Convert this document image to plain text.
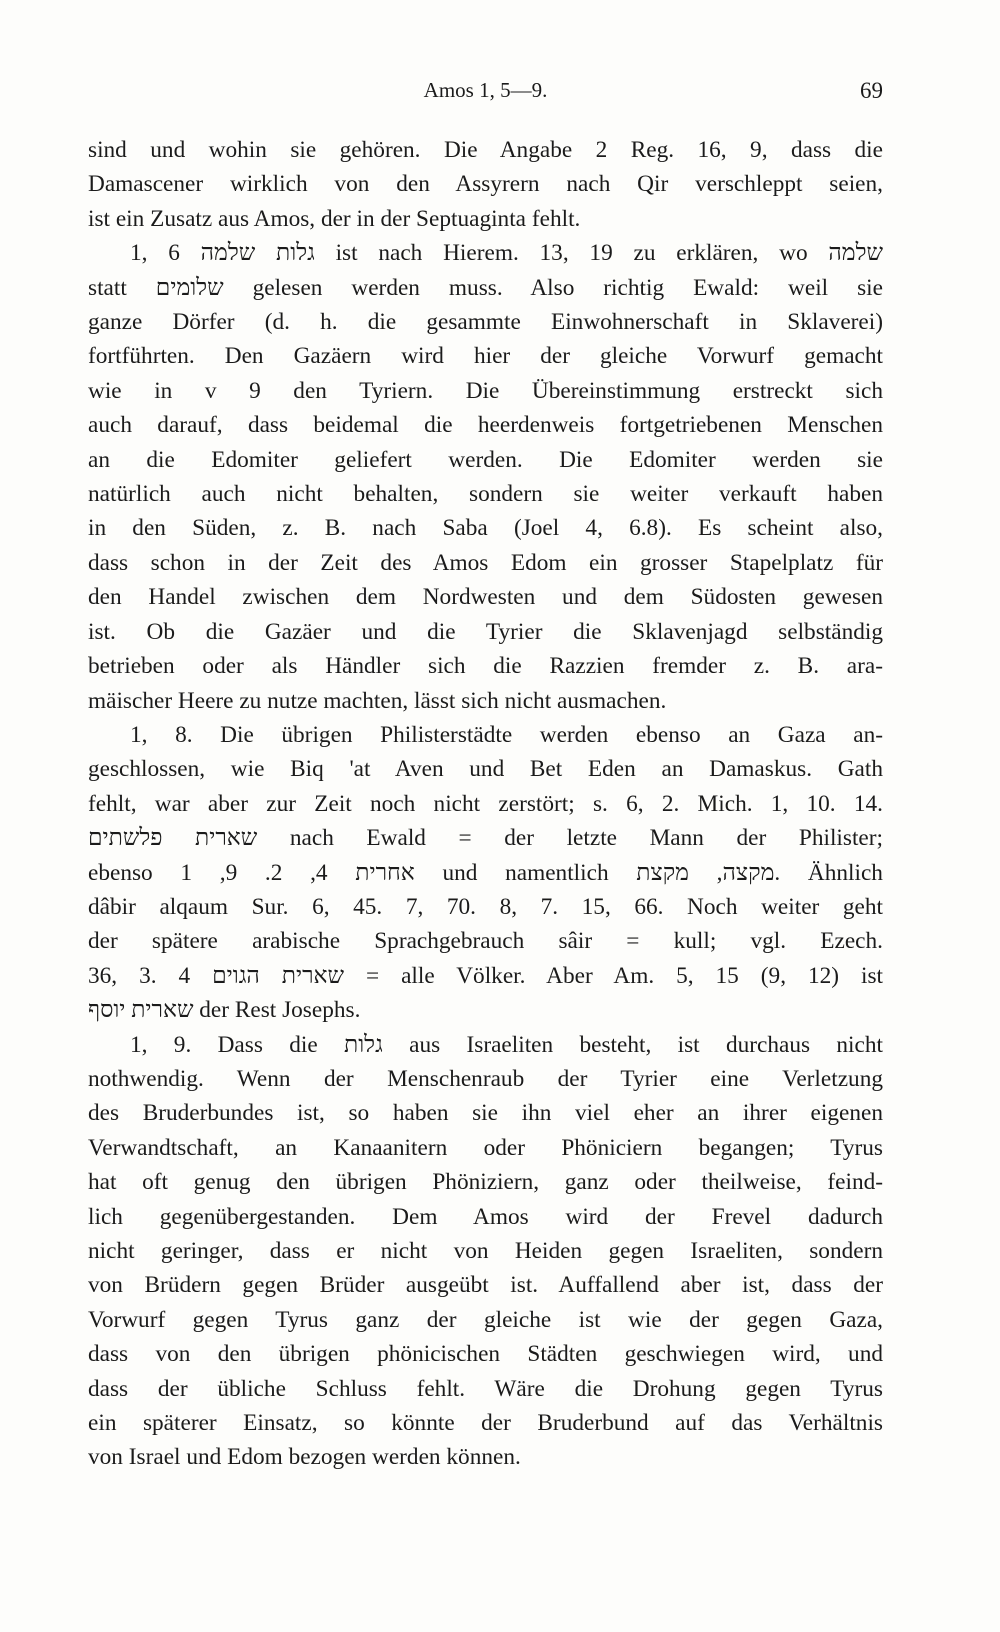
Amos 1, 5—9.	69
sind und wohin sie gehören. Die Angabe 2 Reg. 16, 9, dass die
Damascener wirklich von den Assyrern nach Qir verschleppt seien,
ist ein Zusatz aus Amos, der in der Septuaginta fehlt.
1, 6 גלות שלמה ist nach Hierem. 13, 19 zu erklären, wo שלמה
statt שלומים gelesen werden muss. Also richtig Ewald: weil sie
ganze Dörfer (d. h. die gesammte Einwohnerschaft in Sklaverei)
fortführten. Den Gazäern wird hier der gleiche Vorwurf gemacht
wie in v 9 den Tyriern. Die Übereinstimmung erstreckt sich
auch darauf, dass beidemal die heerdenweis fortgetriebenen Menschen
an die Edomiter geliefert werden. Die Edomiter werden sie
natürlich auch nicht behalten, sondern sie weiter verkauft haben
in den Süden, z. B. nach Saba (Joel 4, 6.8). Es scheint also,
dass schon in der Zeit des Amos Edom ein grosser Stapelplatz für
den Handel zwischen dem Nordwesten und dem Südosten gewesen
ist. Ob die Gazäer und die Tyrier die Sklavenjagd selbständig
betrieben oder als Händler sich die Razzien fremder z. B. ara-
mäischer Heere zu nutze machten, lässt sich nicht ausmachen.
1, 8. Die übrigen Philisterstädte werden ebenso an Gaza an-
geschlossen, wie Biq 'at Aven und Bet Eden an Damaskus. Gath
fehlt, war aber zur Zeit noch nicht zerstört; s. 6, 2. Mich. 1, 10. 14.
שארית פלשתים nach Ewald = der letzte Mann der Philister;
ebenso אחרית 4, 2. 9, 1 und namentlich מקצה, מקצת. Ähnlich
dâbir alqaum Sur. 6, 45. 7, 70. 8, 7. 15, 66. Noch weiter geht
der spätere arabische Sprachgebrauch sâir = kull; vgl. Ezech.
36, 3. 4 שארית הגוים = alle Völker. Aber Am. 5, 15 (9, 12) ist
שארית יוסף der Rest Josephs.
1, 9. Dass die גלות aus Israeliten besteht, ist durchaus nicht
nothwendig. Wenn der Menschenraub der Tyrier eine Verletzung
des Bruderbundes ist, so haben sie ihn viel eher an ihrer eigenen
Verwandtschaft, an Kanaanitern oder Phöniciern begangen; Tyrus
hat oft genug den übrigen Phöniziern, ganz oder theilweise, feind-
lich gegenübergestanden. Dem Amos wird der Frevel dadurch
nicht geringer, dass er nicht von Heiden gegen Israeliten, sondern
von Brüdern gegen Brüder ausgeübt ist. Auffallend aber ist, dass der
Vorwurf gegen Tyrus ganz der gleiche ist wie der gegen Gaza,
dass von den übrigen phönicischen Städten geschwiegen wird, und
dass der übliche Schluss fehlt. Wäre die Drohung gegen Tyrus
ein späterer Einsatz, so könnte der Bruderbund auf das Verhältnis
von Israel und Edom bezogen werden können.
